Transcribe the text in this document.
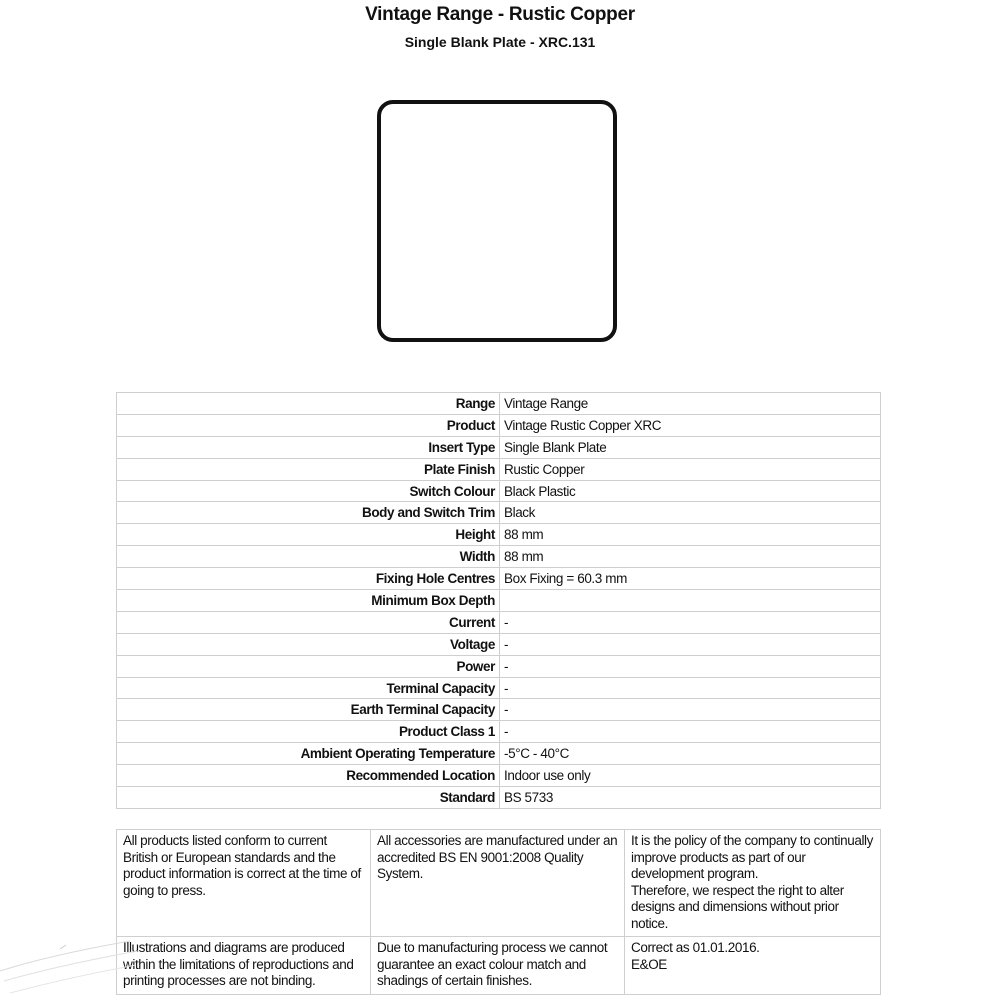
Vintage Range - Rustic Copper
Single Blank Plate - XRC.131
Range	Vintage Range
Product	Vintage Rustic Copper XRC
Insert Type	Single Blank Plate
Plate Finish	Rustic Copper
Switch Colour	Black Plastic
Body and Switch Trim	Black
Height	88 mm
Width	88 mm
Fixing Hole Centres	Box Fixing = 60.3 mm
Minimum Box Depth	
Current	-
Voltage	-
Power	-
Terminal Capacity	-
Earth Terminal Capacity	-
Product Class 1	-
Ambient Operating Temperature	-5°C - 40°C
Recommended Location	Indoor use only
Standard	BS 5733
All products listed conform to current British or European standards and the product information is correct at the time of going to press.	All accessories are manufactured under an accredited BS EN 9001:2008 Quality System.	It is the policy of the company to continually improve products as part of our development program.
Therefore, we respect the right to alter designs and dimensions without prior notice.

Illustrations and diagrams are produced within the limitations of reproductions and printing processes are not binding.	Due to manufacturing process we cannot guarantee an exact colour match and shadings of certain finishes.	Correct as 01.01.2016.
E&OE
